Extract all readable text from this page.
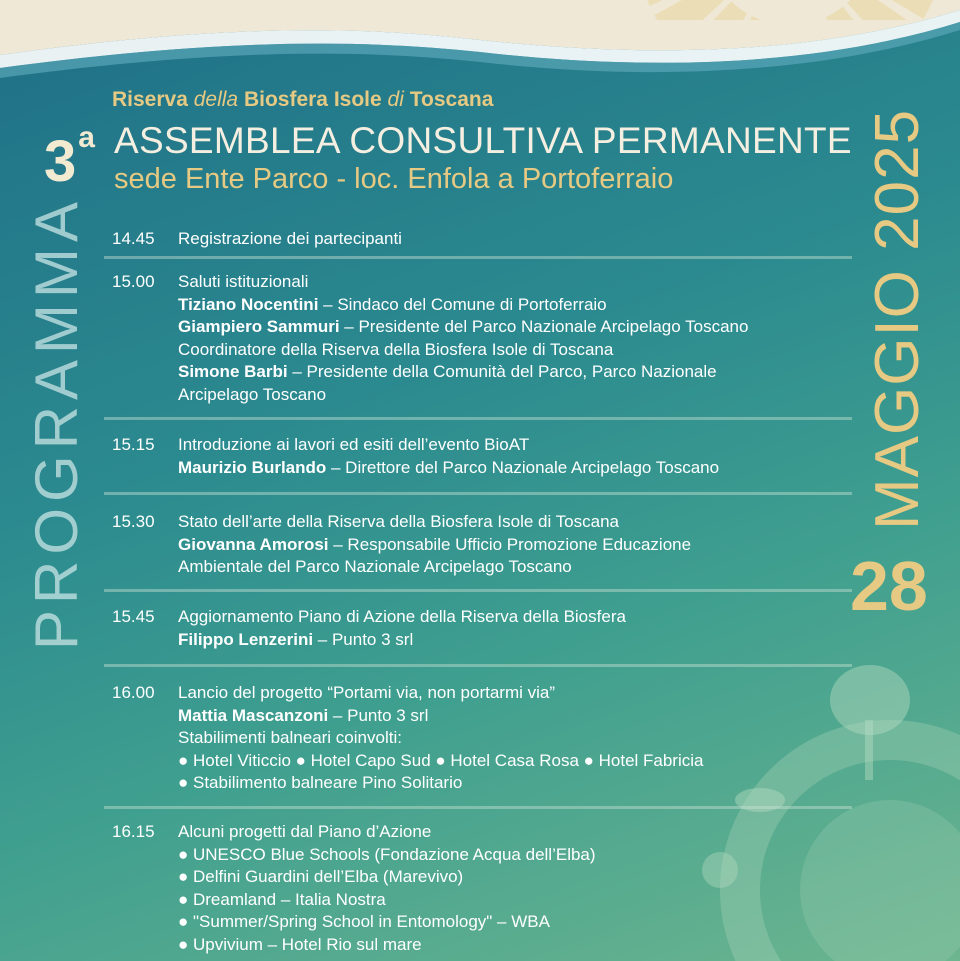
Riserva della Biosfera Isole di Toscana
3$^a$ ASSEMBLEA CONSULTIVA PERMANENTE
sede Ente Parco - loc. Enfola a Portoferraio
PROGRAMMA	MAGGIO 2025
28
14.45	Registrazione dei partecipanti
15.00	Saluti istituzionali
Tiziano Nocentini – Sindaco del Comune di Portoferraio
Giampiero Sammuri – Presidente del Parco Nazionale Arcipelago Toscano
Coordinatore della Riserva della Biosfera Isole di Toscana
Simone Barbi – Presidente della Comunità del Parco, Parco Nazionale
Arcipelago Toscano
15.15	Introduzione ai lavori ed esiti dell’evento BioAT
Maurizio Burlando – Direttore del Parco Nazionale Arcipelago Toscano
15.30	Stato dell’arte della Riserva della Biosfera Isole di Toscana
Giovanna Amorosi – Responsabile Ufficio Promozione Educazione
Ambientale del Parco Nazionale Arcipelago Toscano
15.45	Aggiornamento Piano di Azione della Riserva della Biosfera
Filippo Lenzerini – Punto 3 srl
16.00	Lancio del progetto “Portami via, non portarmi via”
Mattia Mascanzoni – Punto 3 srl
Stabilimenti balneari coinvolti:
● Hotel Viticcio ● Hotel Capo Sud ● Hotel Casa Rosa ● Hotel Fabricia
● Stabilimento balneare Pino Solitario
16.15	Alcuni progetti dal Piano d’Azione
● UNESCO Blue Schools (Fondazione Acqua dell’Elba)
● Delfini Guardini dell’Elba (Marevivo)
● Dreamland – Italia Nostra
● "Summer/Spring School in Entomology" – WBA
● Upvivium – Hotel Rio sul mare
